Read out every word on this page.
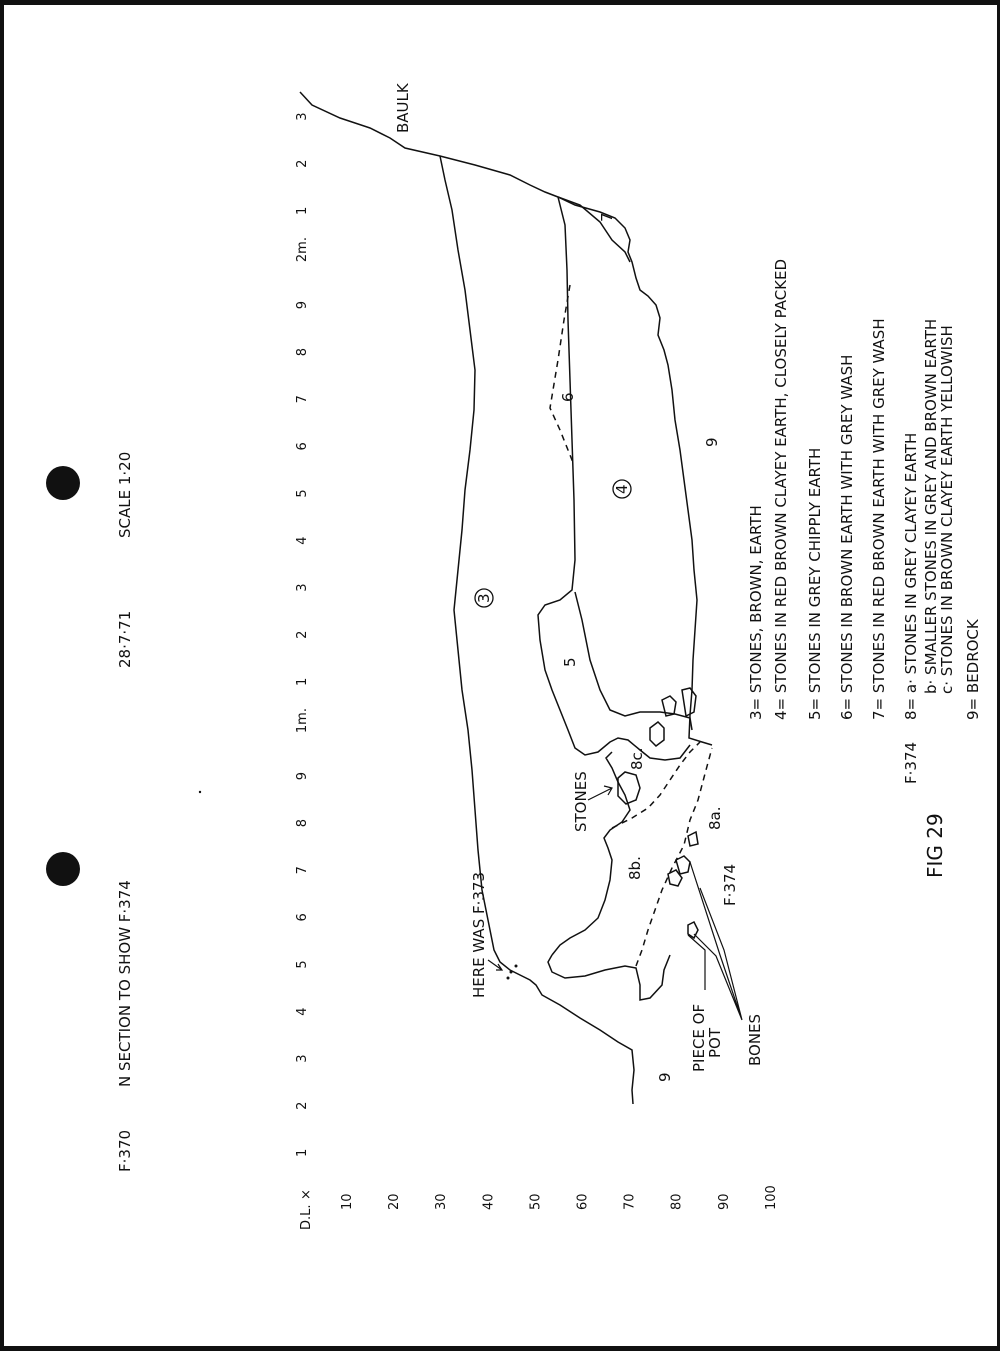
F·370
N SECTION TO SHOW F·374
28·7·71
SCALE 1·20
D.L.
×
1
2
3
4
5
6
7
8
9
1m.
1
2
3
4
5
6
7
8
9
2m.
1
2
3
10 20 30 40 50 60 70 80 90 100
BAULK
3
4
5
6
7
8a.
8b.
8c.
9
9
STONES
HERE WAS F·373	F·374
PIECE OF
POT BONES
3= STONES, BROWN, EARTH 4= STONES IN RED BROWN CLAYEY EARTH, CLOSELY PACKED 5= STONES IN GREY CHIPPLY EARTH 6= STONES IN BROWN EARTH WITH GREY WASH 7= STONES IN RED BROWN EARTH WITH GREY WASH
F·374
8= a· STONES IN GREY CLAYEY EARTH b· SMALLER STONES IN GREY AND BROWN EARTH
c· STONES IN BROWN CLAYEY EARTH YELLOWISH 9= BEDROCK
FIG 29
